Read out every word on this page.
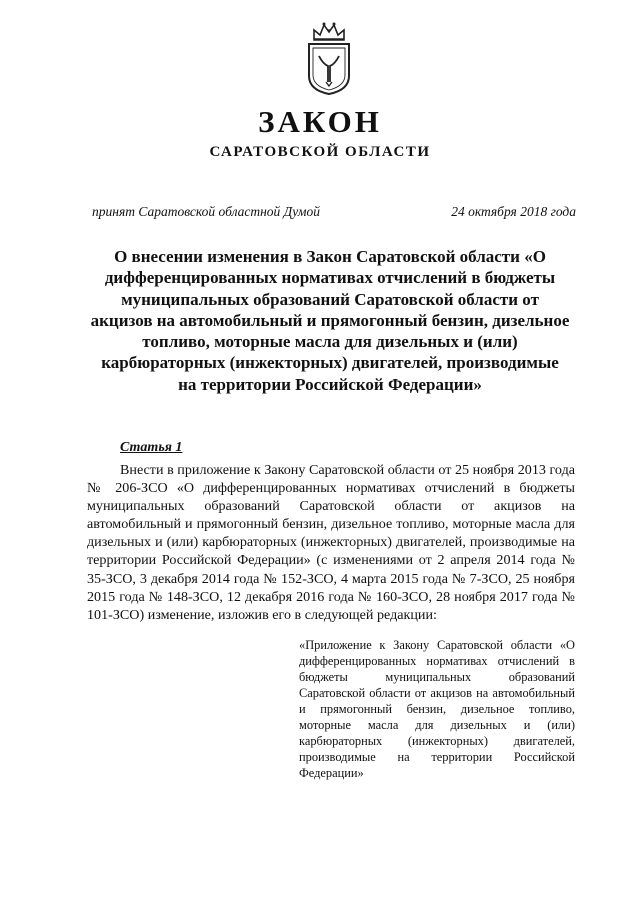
ЗАКОН
САРАТОВСКОЙ ОБЛАСТИ
принят Саратовской областной Думой	24 октября 2018 года

О внесении изменения в Закон Саратовской области «О дифференцированных нормативах отчислений в бюджеты муниципальных образований Саратовской области от акцизов на автомобильный и прямогонный бензин, дизельное топливо, моторные масла для дизельных и (или) карбюраторных (инжекторных) двигателей, производимые на территории Российской Федерации»

Статья 1

Внести в приложение к Закону Саратовской области от 25 ноября 2013 года № 206-ЗСО «О дифференцированных нормативах отчислений в бюджеты муниципальных образований Саратовской области от акцизов на автомобильный и прямогонный бензин, дизельное топливо, моторные масла для дизельных и (или) карбюраторных (инжекторных) двигателей, производимые на территории Российской Федерации» (с изменениями от 2 апреля 2014 года № 35-ЗСО, 3 декабря 2014 года № 152-ЗСО, 4 марта 2015 года № 7-ЗСО, 25 ноября 2015 года № 148-ЗСО, 12 декабря 2016 года № 160-ЗСО, 28 ноября 2017 года № 101-ЗСО) изменение, изложив его в следующей редакции:

«Приложение к Закону Саратовской области «О дифференцированных нормативах отчислений в бюджеты муниципальных образований Саратовской области от акцизов на автомобильный и прямогонный бензин, дизельное топливо, моторные масла для дизельных и (или) карбюраторных (инжекторных) двигателей, производимые на территории Российской Федерации»
